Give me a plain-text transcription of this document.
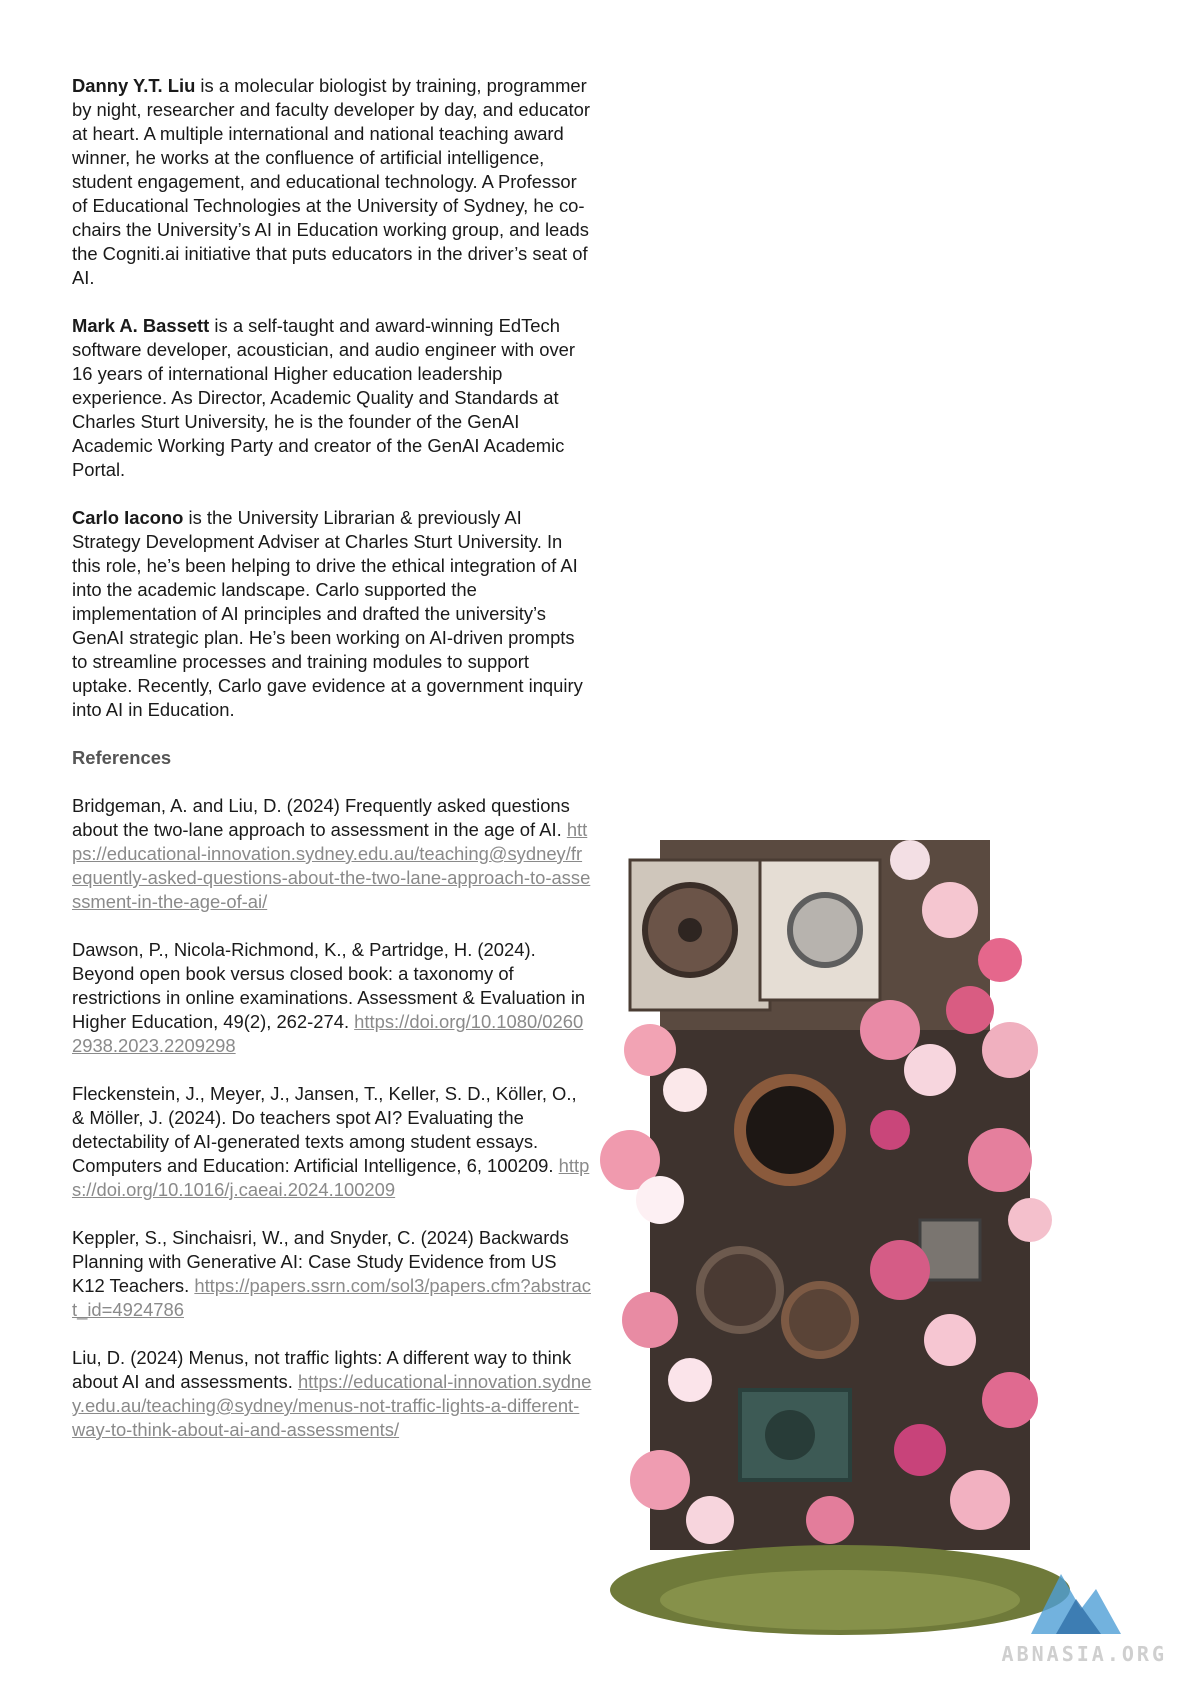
Danny Y.T. Liu is a molecular biologist by training, programmer by night, researcher and faculty developer by day, and educator at heart. A multiple international and national teaching award winner, he works at the confluence of artificial intelligence, student engagement, and educational technology. A Professor of Educational Technologies at the University of Sydney, he co-chairs the University’s AI in Education working group, and leads the Cogniti.ai initiative that puts educators in the driver’s seat of AI.

Mark A. Bassett is a self-taught and award-winning EdTech software developer, acoustician, and audio engineer with over 16 years of international Higher education leadership experience. As Director, Academic Quality and Standards at Charles Sturt University, he is the founder of the GenAI Academic Working Party and creator of the GenAI Academic Portal.

Carlo Iacono is the University Librarian & previously AI Strategy Development Adviser at Charles Sturt University. In this role, he’s been helping to drive the ethical integration of AI into the academic landscape. Carlo supported the implementation of AI principles and drafted the university’s GenAI strategic plan. He’s been working on AI-driven prompts to streamline processes and training modules to support uptake. Recently, Carlo gave evidence at a government inquiry into AI in Education.

References

Bridgeman, A. and Liu, D. (2024) Frequently asked questions about the two-lane approach to assessment in the age of AI. https://educational-innovation.sydney.edu.au/teaching@sydney/frequently-asked-questions-about-the-two-lane-approach-to-assessment-in-the-age-of-ai/

Dawson, P., Nicola-Richmond, K., & Partridge, H. (2024). Beyond open book versus closed book: a taxonomy of restrictions in online examinations. Assessment & Evaluation in Higher Education, 49(2), 262-274. https://doi.org/10.1080/02602938.2023.2209298

Fleckenstein, J., Meyer, J., Jansen, T., Keller, S. D., Köller, O., & Möller, J. (2024). Do teachers spot AI? Evaluating the detectability of AI-generated texts among student essays. Computers and Education: Artificial Intelligence, 6, 100209. https://doi.org/10.1016/j.caeai.2024.100209

Keppler, S., Sinchaisri, W., and Snyder, C. (2024) Backwards Planning with Generative AI: Case Study Evidence from US K12 Teachers. https://papers.ssrn.com/sol3/papers.cfm?abstract_id=4924786

Liu, D. (2024) Menus, not traffic lights: A different way to think about AI and assessments. https://educational-innovation.sydney.edu.au/teaching@sydney/menus-not-traffic-lights-a-different-way-to-think-about-ai-and-assessments/

ABNASIA.ORG
